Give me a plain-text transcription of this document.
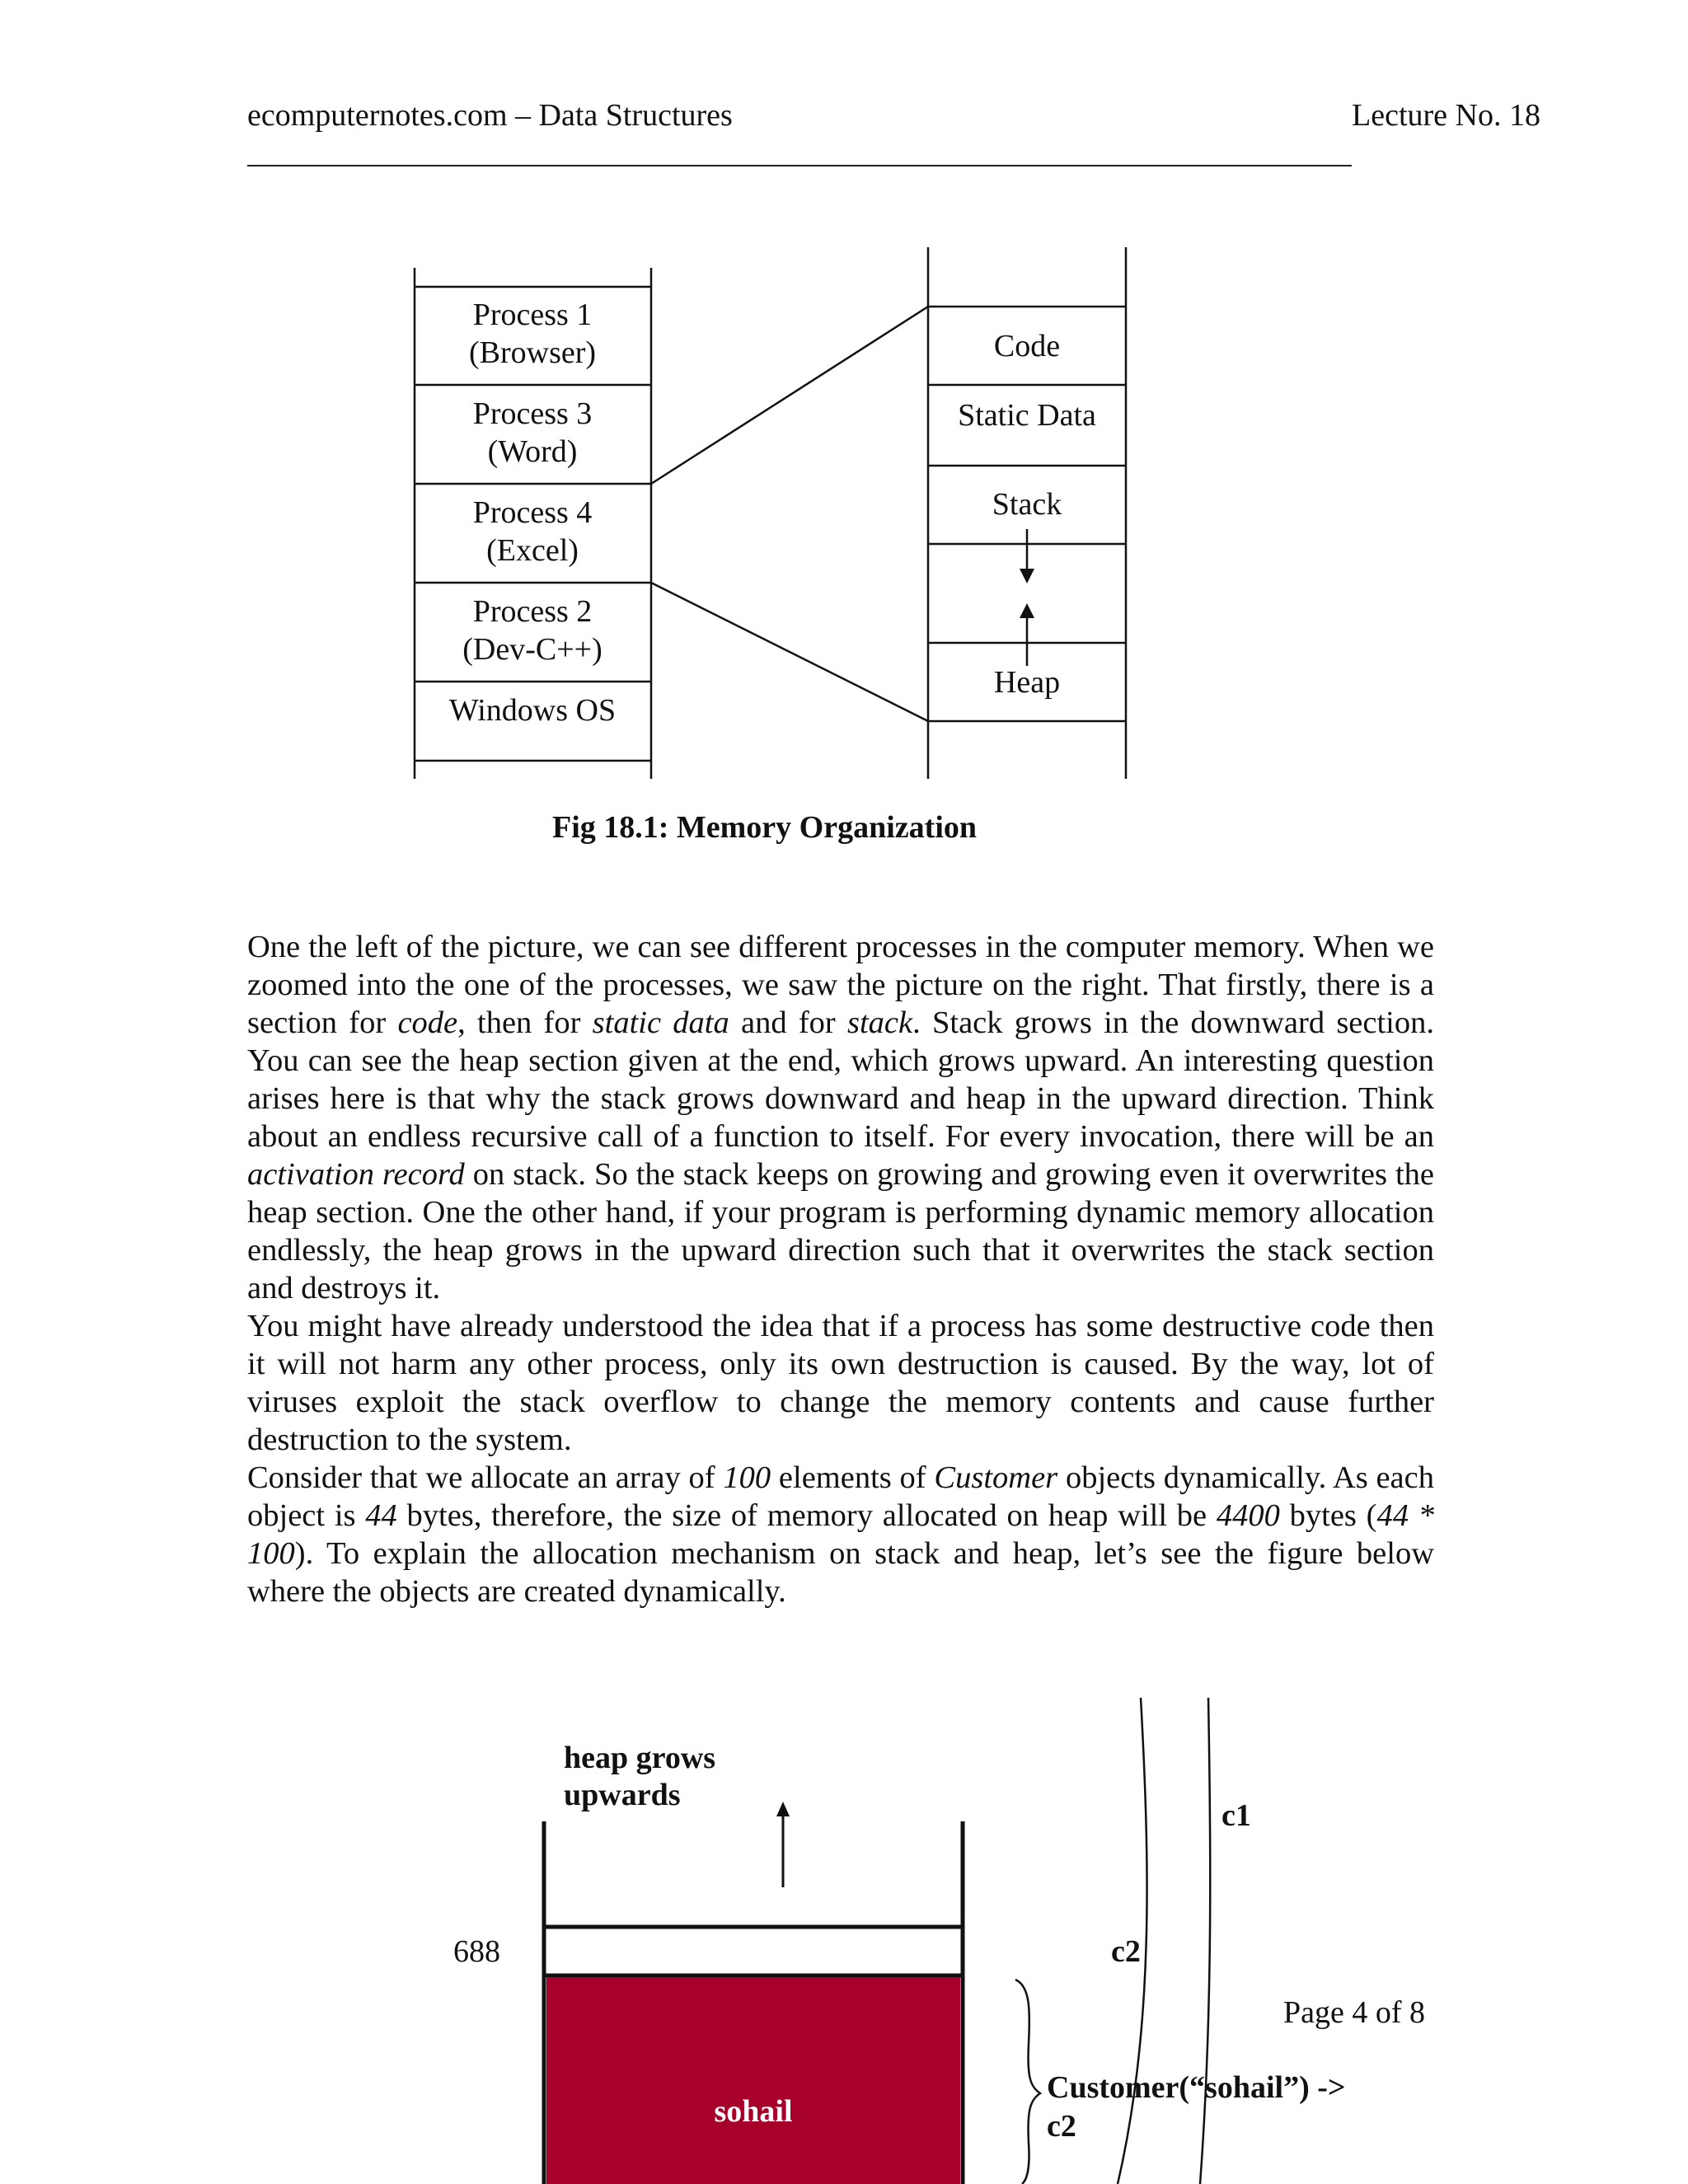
ecomputernotes.com – Data Structures	Lecture No. 18
Process 1
(Browser)
Process 3
(Word)
Process 4
(Excel)
Process 2
(Dev-C++)
Windows OS
Code
Static Data
Stack
Heap
Fig 18.1: Memory Organization

One the left of the picture, we can see different processes in the computer memory. When we zoomed into the one of the processes, we saw the picture on the right. That firstly, there is a section for code, then for static data and for stack. Stack grows in the downward section. You can see the heap section given at the end, which grows upward. An interesting question arises here is that why the stack grows downward and heap in the upward direction. Think about an endless recursive call of a function to itself. For every invocation, there will be an activation record on stack. So the stack keeps on growing and growing even it overwrites the heap section. One the other hand, if your program is performing dynamic memory allocation endlessly, the heap grows in the upward direction such that it overwrites the stack section and destroys it.

You might have already understood the idea that if a process has some destructive code then it will not harm any other process, only its own destruction is caused. By the way, lot of viruses exploit the stack overflow to change the memory contents and cause further destruction to the system.

Consider that we allocate an array of 100 elements of Customer objects dynamically. As each object is 44 bytes, therefore, the size of memory allocated on heap will be 4400 bytes (44 * 100). To explain the allocation mechanism on stack and heap, let’s see the figure below where the objects are created dynamically.

heap grows
upwards
688
c1
c2
Customer(“sohail”) ->
c2
sohail
Page 4 of 8
